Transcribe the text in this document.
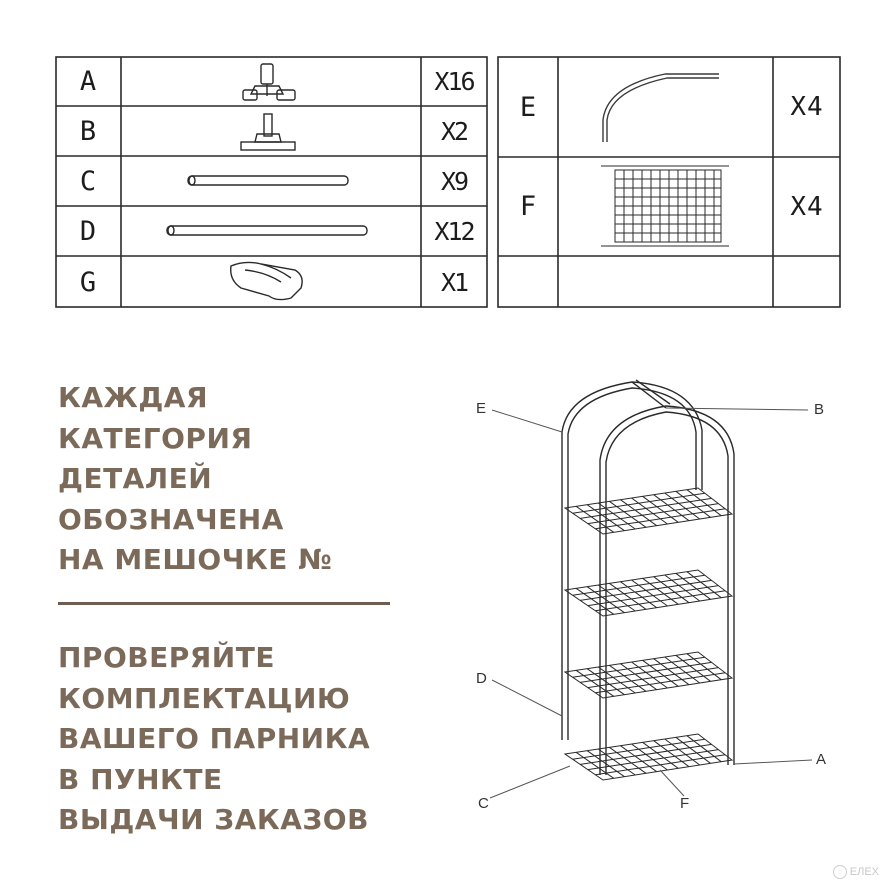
A	X16
B	X2
C	X9
D	X12
G	X1
E	X4
F	X4
КАЖДАЯ
КАТЕГОРИЯ
ДЕТАЛЕЙ
ОБОЗНАЧЕНА
НА МЕШОЧКЕ №
ПРОВЕРЯЙТЕ
КОМПЛЕКТАЦИЮ
ВАШЕГО ПАРНИКА
В ПУНКТЕ
ВЫДАЧИ ЗАКАЗОВ
E	B
D
A
C	F
ЕЛЕХ
